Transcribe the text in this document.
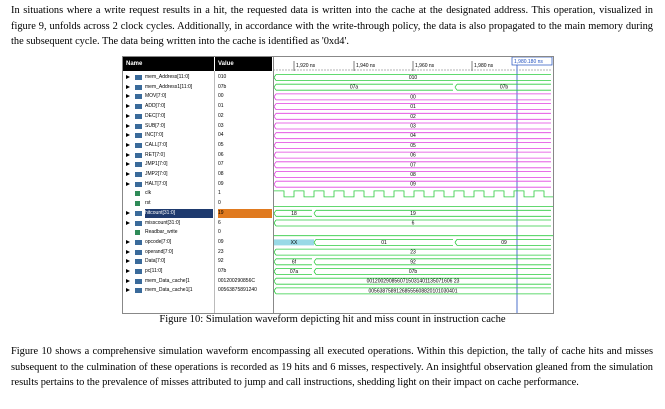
In situations where a write request results in a hit, the requested data is written into the cache at the designated address. This operation, visualized in figure 9, unfolds across 2 clock cycles. Additionally, in accordance with the write-through policy, the data is also propagated to the main memory during the subsequent cycle. The data being written into the cache is identified as '0xd4'.

Name	Value
mem_Address[11:0]	010
mem_Address1[11:0]	07b
MOV[7:0]	00
ADD[7:0]	01
DEC[7:0]	02
SUB[7:0]	03
INC[7:0]	04
CALL[7:0]	05
RET[7:0]	06
JMP1[7:0]	07
JMP2[7:0]	08
HALT[7:0]	09
clk	1
rst	0
hitcount[31:0]	19
misscount[31:0]	6
Readbar_write	0
opcode[7:0]	09
operand[7:0]	23
Data[7:0]	92
pc[11:0]	07b
mem_Data_cache[1	001200290856C
mem_Data_cache1[1	00563875891240
1,920 ns	1,940 ns	1,960 ns	1,980 ns
1,980.180 ns
010
07a	07b
00
01
02
03
04
05
06
07
08
09
18	19
6
XX	01	09
23
6f	92
07a	07b
0012002908560715031401135071606 23
00563875891268555608820101030401
Figure 10: Simulation waveform depicting hit and miss count in instruction cache

Figure 10 shows a comprehensive simulation waveform encompassing all executed operations. Within this depiction, the tally of cache hits and misses subsequent to the culmination of these operations is recorded as 19 hits and 6 misses, respectively. An insightful observation gleaned from the simulation results pertains to the prevalence of misses attributed to jump and call instructions, shedding light on their impact on cache performance.
